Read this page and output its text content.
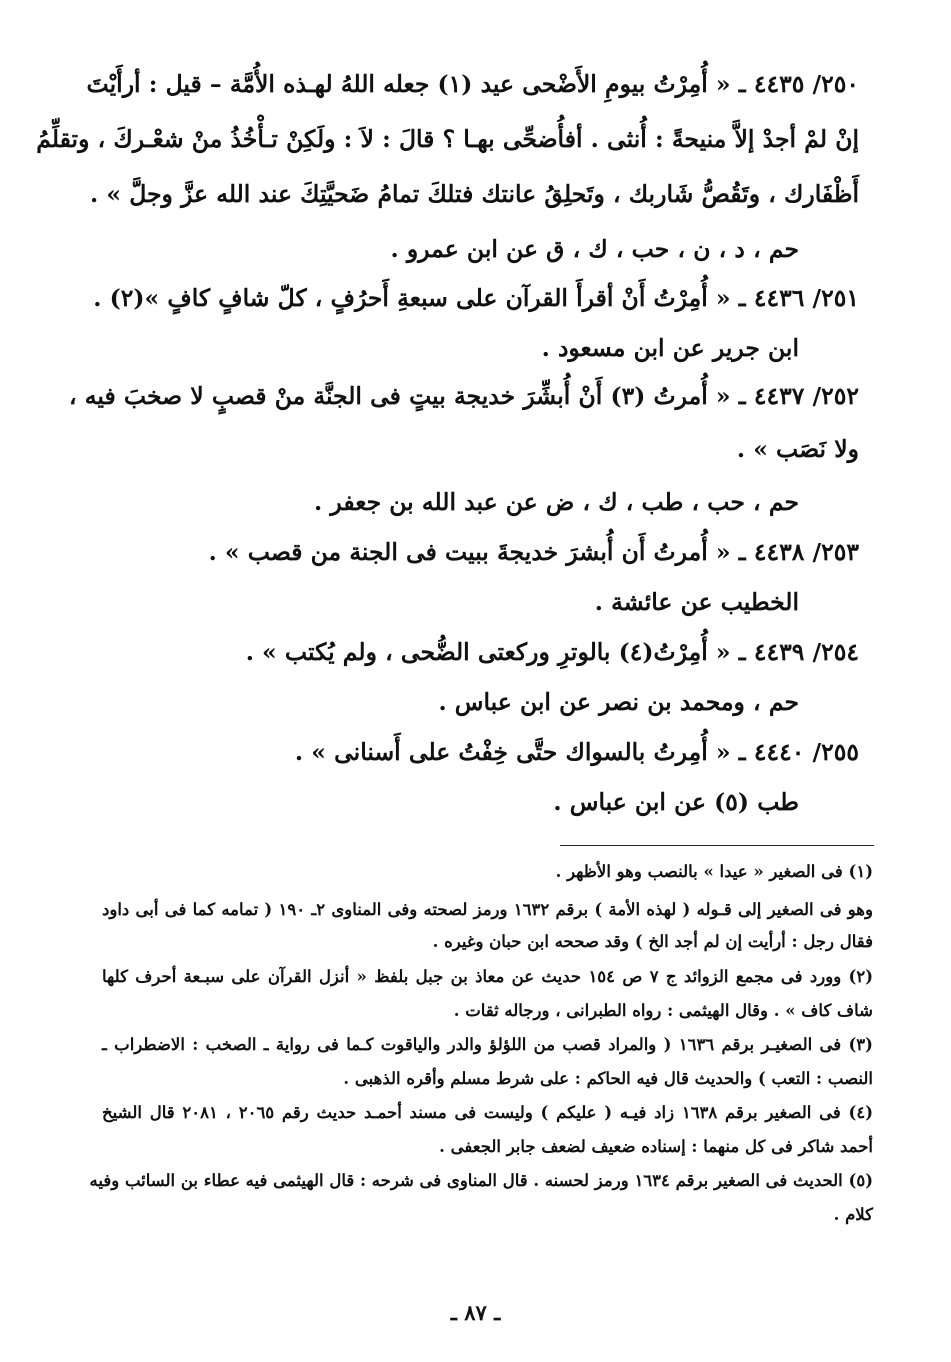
٢٥٠/ ٤٤٣٥ ـ « أُمِرْتُ بيومِ الأَضْحى عيد (١) جعله اللهُ لهـذه الأُمَّة – قيل : أرأَيْتَ
إنْ لمْ أجدْ إلاَّ منيحةً : أُنثى . أفأُضحِّى بهـا ؟ قالَ : لاَ : ولَكِنْ تـأْخُذُ منْ شعْـركَ ، وتقلِّمُ
أَظْفَارك ، وتَقُصُّ شَاربك ، وتَحلِقُ عانتك فتلكَ تمامُ ضَحيَّتِكَ عند الله عزَّ وجلَّ » .
حم ، د ، ن ، حب ، ك ، ق عن ابن عمرو .
٢٥١/ ٤٤٣٦ ـ « أُمِرْتُ أَنْ أقرأَ القرآن على سبعةِ أَحرُفٍ ، كلّ شافٍ كافٍ »(٢) .
ابن جرير عن ابن مسعود .
٢٥٢/ ٤٤٣٧ ـ « أُمرتُ (٣) أَنْ أُبشِّرَ خديجة بيتٍ فى الجنَّة منْ قصبٍ لا صخبَ فيه ،
ولا نَصَب » .
حم ، حب ، طب ، ك ، ض عن عبد الله بن جعفر .
٢٥٣/ ٤٤٣٨ ـ « أُمرتُ أَن أُبشرَ خديجةَ ببيت فى الجنة من قصب » .
الخطيب عن عائشة .
٢٥٤/ ٤٤٣٩ ـ « أُمِرْتُ(٤) بالوترِ وركعتى الضُّحى ، ولم يُكتب » .
حم ، ومحمد بن نصر عن ابن عباس .
٢٥٥/ ٤٤٤٠ ـ « أُمِرتُ بالسواك حتَّى خِفْتُ على أَسنانى » .
طب (٥) عن ابن عباس .
(١) فى الصغير « عيدا » بالنصب وهو الأظهر .
وهو فى الصغير إلى قـوله ( لهذه الأمة ) برقم ١٦٣٢ ورمز لصحته وفى المناوى ٢ـ ١٩٠ ( تمامه كما فى أبى داود
فقال رجل : أرأيت إن لم أجد الخ ) وقد صححه ابن حبان وغيره .
(٢) وورد فى مجمع الزوائد ج ٧ ص ١٥٤ حديث عن معاذ بن جبل بلفظ « أنزل القرآن على سبـعة أحرف كلها
شاف كاف » . وقال الهيثمى : رواه الطبرانى ، ورجاله ثقات .
(٣) فى الصغيـر برقم ١٦٣٦ ( والمراد قصب من اللؤلؤ والدر والياقوت كـما فى رواية ـ الصخب : الاضطراب ـ
النصب : التعب ) والحديث قال فيه الحاكم : على شرط مسلم وأقره الذهبى .
(٤) فى الصغير برقم ١٦٣٨ زاد فيـه ( عليكم ) وليست فى مسند أحمـد حديث رقم ٢٠٦٥ ، ٢٠٨١ قال الشيخ
أحمد شاكر فى كل منهما : إسناده ضعيف لضعف جابر الجعفى .
(٥) الحديث فى الصغير برقم ١٦٣٤ ورمز لحسنه . قال المناوى فى شرحه : قال الهيثمى فيه عطاء بن السائب وفيه
كلام .
ـ ٨٧ ـ
